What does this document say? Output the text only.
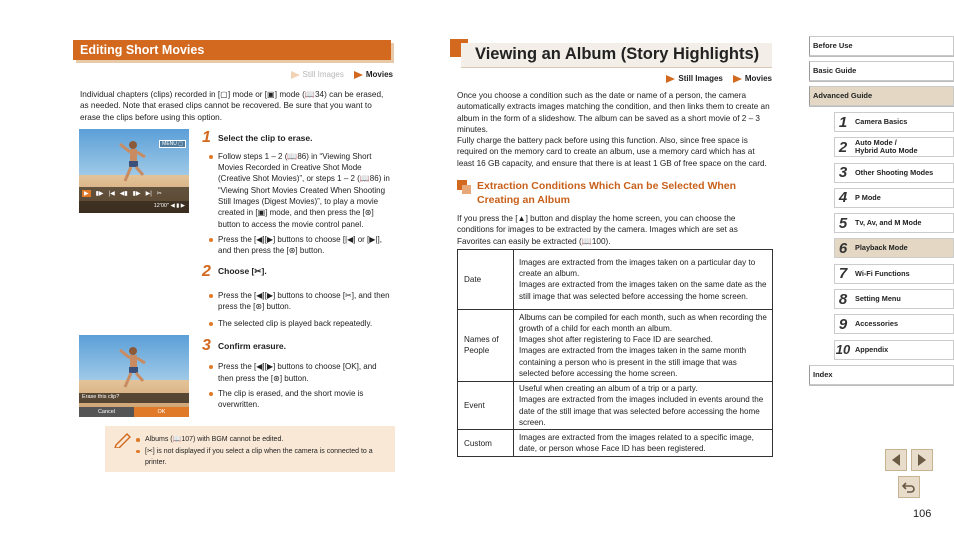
Editing Short Movies
Still Images	Movies

Individual chapters (clips) recorded in [▢] mode or [▣] mode (📖34) can be erased, as needed. Note that erased clips cannot be recovered. Be sure that you want to erase the clips before using this option.

MENU ▢
▶	▮▶ |◀ ◀▮ ▮▶ ▶| ✂
12'00" ◀ ▮ ▶
Erase this clip?
Cancel	OK
1 Select the clip to erase.

Follow steps 1 – 2 (📖86) in “Viewing Short Movies Recorded in Creative Shot Mode (Creative Shot Movies)”, or steps 1 – 2 (📖86) in “Viewing Short Movies Created When Shooting Still Images (Digest Movies)”, to play a movie created in [▣] mode, and then press the [⊛] button to access the movie control panel.

Press the [◀][▶] buttons to choose [|◀] or [▶|], and then press the [⊛] button.

2 Choose [✂].

Press the [◀][▶] buttons to choose [✂], and then press the [⊛] button.

The selected clip is played back repeatedly.

3 Confirm erasure.

Press the [◀][▶] buttons to choose [OK], and then press the [⊛] button.

The clip is erased, and the short movie is overwritten.

Albums (📖107) with BGM cannot be edited.

[✂] is not displayed if you select a clip when the camera is connected to a printer.

Viewing an Album (Story Highlights)
Still Images	Movies

Once you choose a condition such as the date or name of a person, the camera automatically extracts images matching the condition, and then links them to create an album in the form of a slideshow. The album can be saved as a short movie of 2 – 3 minutes.

Fully charge the battery pack before using this function. Also, since free space is required on the memory card to create an album, use a memory card which has at least 16 GB capacity, and ensure that there is at least 1 GB of free space on the card.

Extraction Conditions Which Can be Selected When Creating an Album

If you press the [▲] button and display the home screen, you can choose the conditions for images to be extracted by the camera. Images which are set as Favorites can easily be extracted (📖100).

Date	Images are extracted from the images taken on a particular day to create an album.
Images are extracted from the images taken on the same date as the still image that was selected before accessing the home screen.
Names of People	Albums can be compiled for each month, such as when recording the growth of a child for each month an album.
Images shot after registering to Face ID are searched.
Images are extracted from the images taken in the same month containing a person who is present in the still image that was selected before accessing the home screen.
Event	Useful when creating an album of a trip or a party.
Images are extracted from the images included in events around the date of the still image that was selected before accessing the home screen.
Custom	Images are extracted from the images related to a specific image, date, or person whose Face ID has been registered.
Before Use
Basic Guide
Advanced Guide
1	Camera Basics
2	Auto Mode /
Hybrid Auto Mode
3	Other Shooting Modes
4	P Mode
5	Tv, Av, and M Mode
6	Playback Mode
7	Wi-Fi Functions
8	Setting Menu
9	Accessories
10 Appendix
Index
106
